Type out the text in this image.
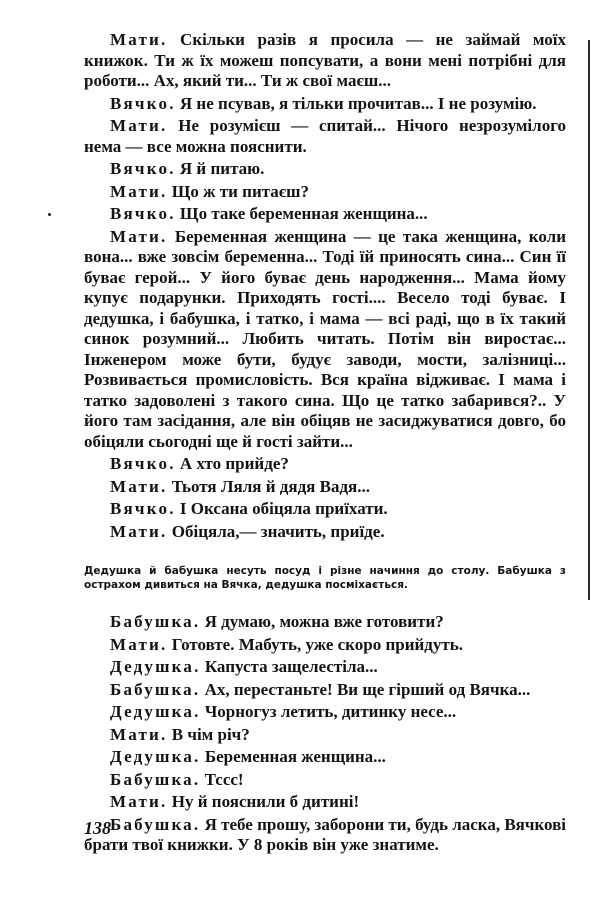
Мати. Скільки разів я просила — не займай моїх книжок. Ти ж їх можеш попсувати, а вони мені потрібні для роботи... Ах, який ти... Ти ж свої маєш...

Вячко. Я не псував, я тільки прочитав... І не розумію.

Мати. Не розумієш — спитай... Нічого незрозумілого нема — все можна пояснити.

Вячко. Я й питаю.

Мати. Що ж ти питаєш?

Вячко. Що таке беременная женщина...

Мати. Беременная женщина — це така женщина, коли вона... вже зовсім беременна... Тоді їй приносять сина... Син її буває герой... У його буває день народження... Мама йому купує подарунки. Приходять гості.... Весело тоді буває. І дедушка, і бабушка, і татко, і мама — всі раді, що в їх такий синок розумний... Любить читать. Потім він виростає... Інженером може бути, будує заводи, мости, залізниці... Розвивається промисловість. Вся країна відживає. І мама і татко задоволені з такого сина. Що це татко забарився?.. У його там засідання, але він обіцяв не засиджуватися довго, бо обіцяли сьогодні ще й гості зайти...

Вячко. А хто прийде?

Мати. Тьотя Ляля й дядя Вадя...

Вячко. І Оксана обіцяла приїхати.

Мати. Обіцяла,— значить, приїде.

Дедушка й бабушка несуть посуд і різне начиння до столу. Бабушка з острахом дивиться на Вячка, дедушка посміхається.

Бабушка. Я думаю, можна вже готовити?

Мати. Готовте. Мабуть, уже скоро прийдуть.

Дедушка. Капуста защелестіла...

Бабушка. Ах, перестаньте! Ви ще гірший од Вячка...

Дедушка. Чорногуз летить, дитинку несе...

Мати. В чім річ?

Дедушка. Беременная женщина...

Бабушка. Тссс!

Мати. Ну й пояснили б дитині!

Бабушка. Я тебе прошу, заборони ти, будь ласка, Вячкові брати твої книжки. У 8 років він уже знатиме.

138
